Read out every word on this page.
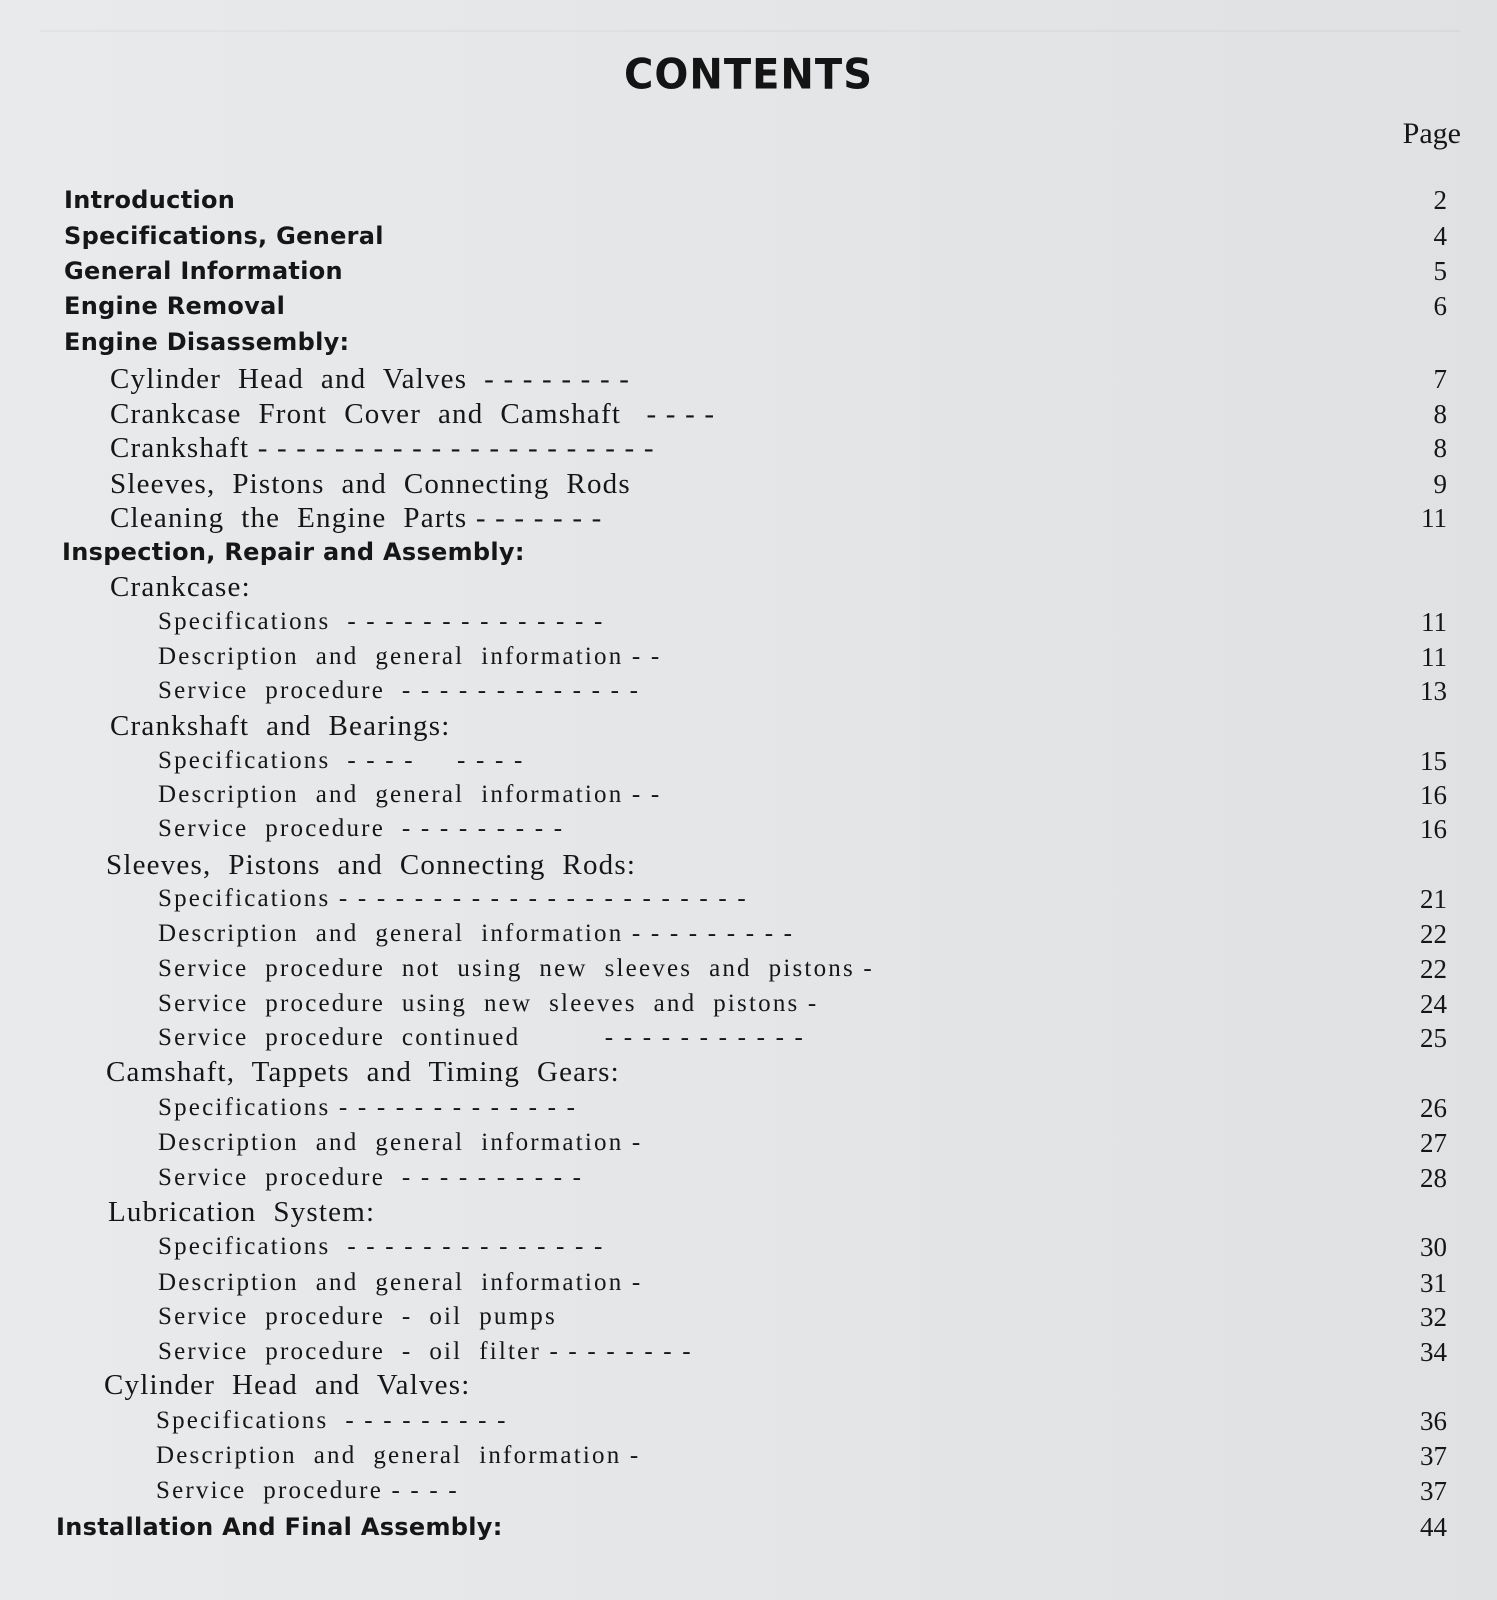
CONTENTS
Page
Introduction	2
Specifications, General	4
General Information	5
Engine Removal	6
Engine Disassembly:
Cylinder  Head  and  Valves  - - - - - - - -	7
Crankcase  Front  Cover  and  Camshaft   - - - -	8
Crankshaft - - - - - - - - - - - - - - - - - - - - -	8
Sleeves,  Pistons  and  Connecting  Rods	9
Cleaning  the  Engine  Parts - - - - - - -	11
Inspection, Repair and Assembly:
Crankcase:
Specifications  - - - - - - - - - - - - - -	11
Description  and  general  information - -	11
Service  procedure  - - - - - - - - - - - - -	13
Crankshaft  and  Bearings:
Specifications  - - - -     - - - -	15
Description  and  general  information - -	16
Service  procedure  - - - - - - - - -	16
Sleeves,  Pistons  and  Connecting  Rods:
Specifications - - - - - - - - - - - - - - - - - - - - - -	21
Description  and  general  information - - - - - - - - -	22
Service  procedure  not  using  new  sleeves  and  pistons -	22
Service  procedure  using  new  sleeves  and  pistons -	24
Service  procedure  continued          - - - - - - - - - - -	25
Camshaft,  Tappets  and  Timing  Gears:
Specifications - - - - - - - - - - - - -	26
Description  and  general  information -	27
Service  procedure  - - - - - - - - - -	28
Lubrication  System:
Specifications  - - - - - - - - - - - - - -	30
Description  and  general  information -	31
Service  procedure  -  oil  pumps	32
Service  procedure  -  oil  filter - - - - - - - -	34
Cylinder  Head  and  Valves:
Specifications  - - - - - - - - -	36
Description  and  general  information -	37
Service  procedure - - - -	37
Installation And Final Assembly:	44
